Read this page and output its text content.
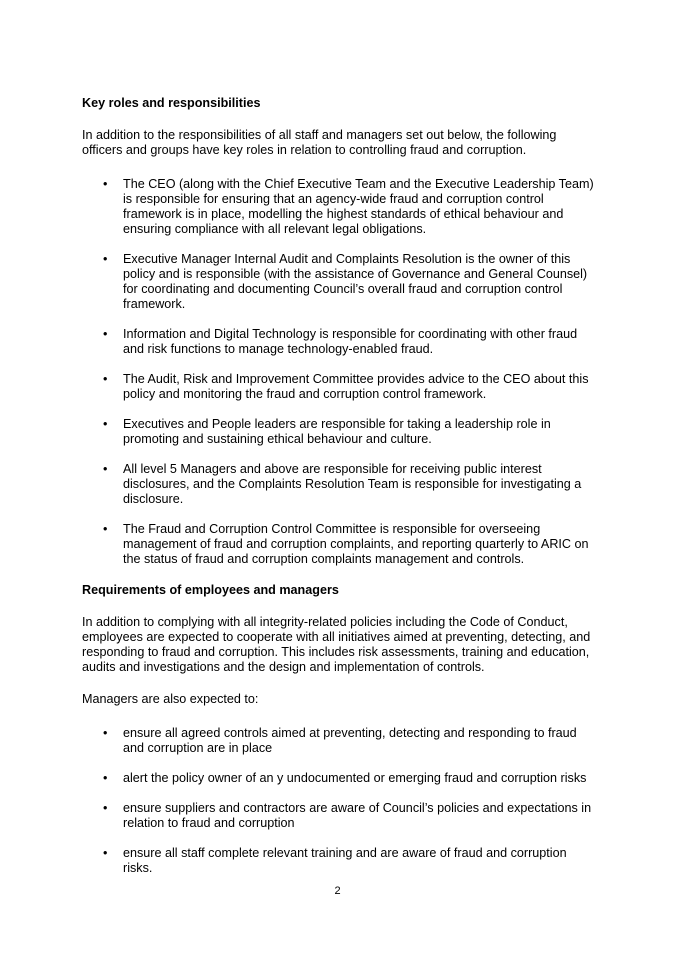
Key roles and responsibilities

In addition to the responsibilities of all staff and managers set out below, the following officers and groups have key roles in relation to controlling fraud and corruption.

• The CEO (along with the Chief Executive Team and the Executive Leadership Team) is responsible for ensuring that an agency-wide fraud and corruption control framework is in place, modelling the highest standards of ethical behaviour and ensuring compliance with all relevant legal obligations.
• Executive Manager Internal Audit and Complaints Resolution is the owner of this policy and is responsible (with the assistance of Governance and General Counsel) for coordinating and documenting Council’s overall fraud and corruption control framework.
• Information and Digital Technology is responsible for coordinating with other fraud and risk functions to manage technology-enabled fraud.
• The Audit, Risk and Improvement Committee provides advice to the CEO about this policy and monitoring the fraud and corruption control framework.
• Executives and People leaders are responsible for taking a leadership role in promoting and sustaining ethical behaviour and culture.
• All level 5 Managers and above are responsible for receiving public interest disclosures, and the Complaints Resolution Team is responsible for investigating a disclosure.
• The Fraud and Corruption Control Committee is responsible for overseeing management of fraud and corruption complaints, and reporting quarterly to ARIC on the status of fraud and corruption complaints management and controls.
Requirements of employees and managers

In addition to complying with all integrity-related policies including the Code of Conduct, employees are expected to cooperate with all initiatives aimed at preventing, detecting, and responding to fraud and corruption. This includes risk assessments, training and education, audits and investigations and the design and implementation of controls.

Managers are also expected to:

• ensure all agreed controls aimed at preventing, detecting and responding to fraud and corruption are in place
• alert the policy owner of an y undocumented or emerging fraud and corruption risks
• ensure suppliers and contractors are aware of Council’s policies and expectations in relation to fraud and corruption
• ensure all staff complete relevant training and are aware of fraud and corruption risks.
2
